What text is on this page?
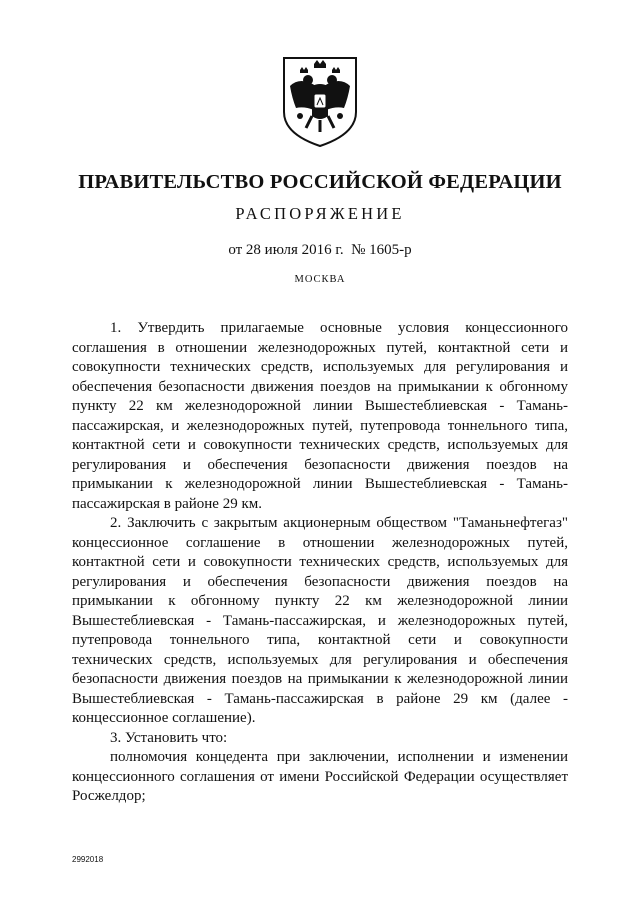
ПРАВИТЕЛЬСТВО РОССИЙСКОЙ ФЕДЕРАЦИИ
РАСПОРЯЖЕНИЕ
от 28 июля 2016 г.  № 1605-р
МОСКВА

1. Утвердить прилагаемые основные условия концессионного соглашения в отношении железнодорожных путей, контактной сети и совокупности технических средств, используемых для регулирования и обеспечения безопасности движения поездов на примыкании к обгонному пункту 22 км железнодорожной линии Вышестеблиевская - Тамань-пассажирская, и железнодорожных путей, путепровода тоннельного типа, контактной сети и совокупности технических средств, используемых для регулирования и обеспечения безопасности движения поездов на примыкании к железнодорожной линии Вышестеблиевская - Тамань-пассажирская в районе 29 км.

2. Заключить с закрытым акционерным обществом "Таманьнефтегаз" концессионное соглашение в отношении железнодорожных путей, контактной сети и совокупности технических средств, используемых для регулирования и обеспечения безопасности движения поездов на примыкании к обгонному пункту 22 км железнодорожной линии Вышестеблиевская - Тамань-пассажирская, и железнодорожных путей, путепровода тоннельного типа, контактной сети и совокупности технических средств, используемых для регулирования и обеспечения безопасности движения поездов на примыкании к железнодорожной линии Вышестеблиевская - Тамань-пассажирская в районе 29 км (далее - концессионное соглашение).

3. Установить что:

полномочия концедента при заключении, исполнении и изменении концессионного соглашения от имени Российской Федерации осуществляет Росжелдор;

2992018
